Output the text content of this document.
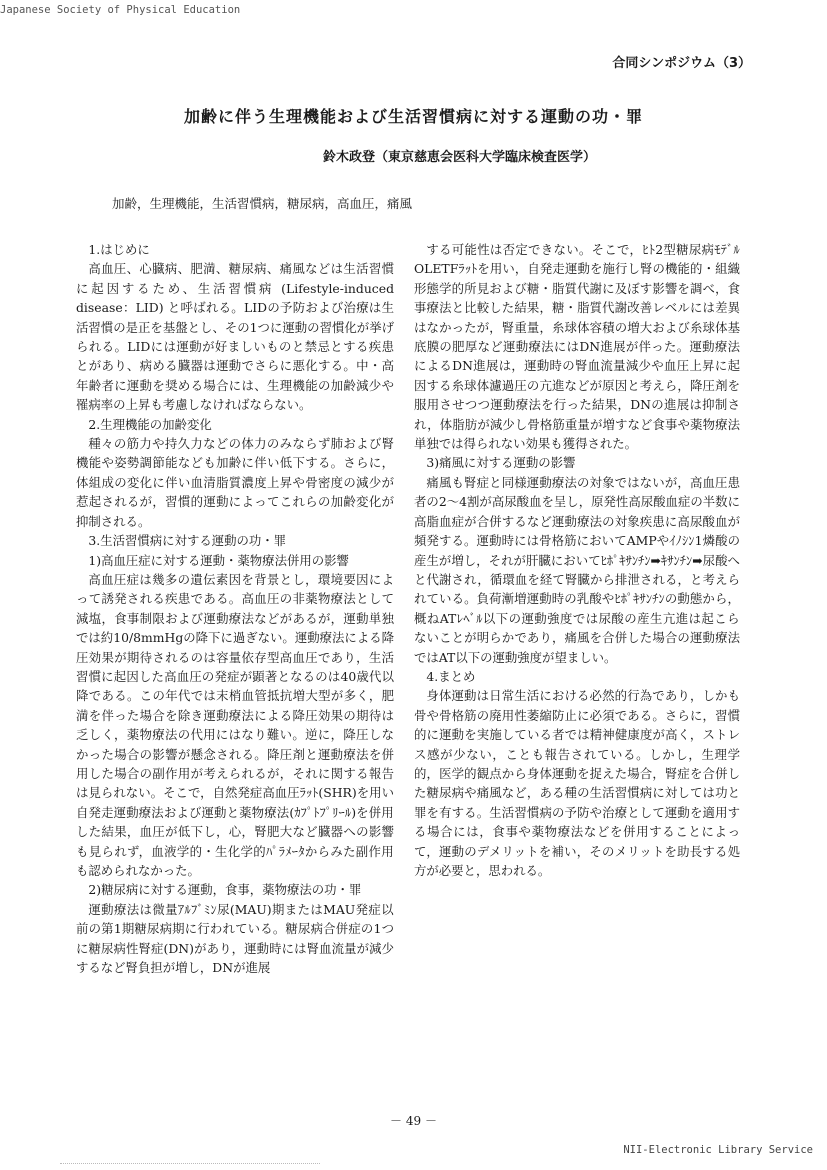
Japanese Society of Physical Education
合同シンポジウム（3）
加齢に伴う生理機能および生活習慣病に対する運動の功・罪
鈴木政登（東京慈恵会医科大学臨床検査医学）
加齢，生理機能，生活習慣病，糖尿病，高血圧，痛風

1.はじめに

高血圧、心臓病、肥満、糖尿病、痛風などは生活習慣に起因するため、生活習慣病 (Lifestyle-induced disease：LID) と呼ばれる。LIDの予防および治療は生活習慣の是正を基盤とし、その1つに運動の習慣化が挙げられる。LIDには運動が好ましいものと禁忌とする疾患とがあり、病める臓器は運動でさらに悪化する。中・高年齢者に運動を奨める場合には、生理機能の加齢減少や罹病率の上昇も考慮しなければならない。

2.生理機能の加齢変化

種々の筋力や持久力などの体力のみならず肺および腎機能や姿勢調節能なども加齢に伴い低下する。さらに，体組成の変化に伴い血清脂質濃度上昇や骨密度の減少が惹起されるが，習慣的運動によってこれらの加齢変化が抑制される。

3.生活習慣病に対する運動の功・罪

1)高血圧症に対する運動・薬物療法併用の影響

高血圧症は幾多の遺伝素因を背景とし，環境要因によって誘発される疾患である。高血圧の非薬物療法として減塩，食事制限および運動療法などがあるが，運動単独では約10/8mmHgの降下に過ぎない。運動療法による降圧効果が期待されるのは容量依存型高血圧であり，生活習慣に起因した高血圧の発症が顕著となるのは40歳代以降である。この年代では末梢血管抵抗増大型が多く，肥満を伴った場合を除き運動療法による降圧効果の期待は乏しく，薬物療法の代用にはなり難い。逆に，降圧しなかった場合の影響が懸念される。降圧剤と運動療法を併用した場合の副作用が考えられるが，それに関する報告は見られない。そこで，自然発症高血圧ﾗｯﾄ(SHR)を用い自発走運動療法および運動と薬物療法(ｶﾌﾟﾄﾌﾟﾘｰﾙ)を併用した結果，血圧が低下し，心，腎肥大など臓器への影響も見られず，血液学的・生化学的ﾊﾟﾗﾒｰﾀからみた副作用も認められなかった。

2)糖尿病に対する運動，食事，薬物療法の功・罪

運動療法は微量ｱﾙﾌﾞﾐﾝ尿(MAU)期またはMAU発症以前の第1期糖尿病期に行われている。糖尿病合併症の1つに糖尿病性腎症(DN)があり，運動時には腎血流量が減少するなど腎負担が増し，DNが進展

する可能性は否定できない。そこで，ﾋﾄ2型糖尿病ﾓﾃﾞﾙOLETFﾗｯﾄを用い，自発走運動を施行し腎の機能的・組織形態学的所見および糖・脂質代謝に及ぼす影響を調べ，食事療法と比較した結果，糖・脂質代謝改善レベルには差異はなかったが，腎重量，糸球体容積の増大および糸球体基底膜の肥厚など運動療法にはDN進展が伴った。運動療法によるDN進展は，運動時の腎血流量減少や血圧上昇に起因する糸球体濾過圧の亢進などが原因と考えら，降圧剤を服用させつつ運動療法を行った結果，DNの進展は抑制され，体脂肪が減少し骨格筋重量が増すなど食事や薬物療法単独では得られない効果も獲得された。

3)痛風に対する運動の影響

痛風も腎症と同様運動療法の対象ではないが，高血圧患者の2～4割が高尿酸血を呈し，原発性高尿酸血症の半数に高脂血症が合併するなど運動療法の対象疾患に高尿酸血が頻発する。運動時には骨格筋においてAMPやｲﾉｼﾝ1燐酸の産生が増し，それが肝臓においてﾋﾎﾟｷｻﾝﾁﾝ➡ｷｻﾝﾁﾝ➡尿酸へと代謝され，循環血を経て腎臓から排泄される，と考えられている。負荷漸増運動時の乳酸やﾋﾎﾟｷｻﾝﾁﾝの動態から，概ねATﾚﾍﾞﾙ以下の運動強度では尿酸の産生亢進は起こらないことが明らかであり，痛風を合併した場合の運動療法ではAT以下の運動強度が望ましい。

4.まとめ

身体運動は日常生活における必然的行為であり，しかも骨や骨格筋の廃用性萎縮防止に必須である。さらに，習慣的に運動を実施している者では精神健康度が高く，ストレス感が少ない，ことも報告されている。しかし，生理学的，医学的観点から身体運動を捉えた場合，腎症を合併した糖尿病や痛風など，ある種の生活習慣病に対しては功と罪を有する。生活習慣病の予防や治療として運動を適用する場合には，食事や薬物療法などを併用することによって，運動のデメリットを補い，そのメリットを助長する処方が必要と，思われる。

－ 49 －
NII-Electronic Library Service
